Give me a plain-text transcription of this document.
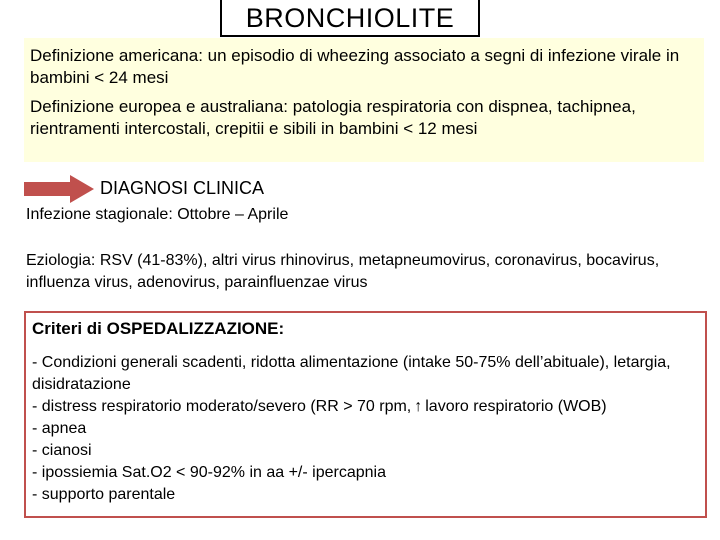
BRONCHIOLITE

Definizione americana: un episodio di wheezing associato a segni di infezione virale in bambini < 24 mesi

Definizione europea e australiana: patologia respiratoria con dispnea, tachipnea, rientramenti intercostali, crepitii e sibili in bambini < 12 mesi

DIAGNOSI CLINICA
Infezione stagionale: Ottobre – Aprile
Eziologia: RSV (41-83%), altri virus rhinovirus, metapneumovirus, coronavirus, bocavirus, influenza virus, adenovirus, parainfluenzae virus
Criteri di OSPEDALIZZAZIONE:
- Condizioni generali scadenti, ridotta alimentazione (intake 50-75% dell’abituale), letargia, disidratazione
- distress respiratorio moderato/severo (RR > 70 rpm, ↑ lavoro respiratorio (WOB)
- apnea
- cianosi
- ipossiemia Sat.O2 < 90-92% in aa +/- ipercapnia
- supporto parentale
